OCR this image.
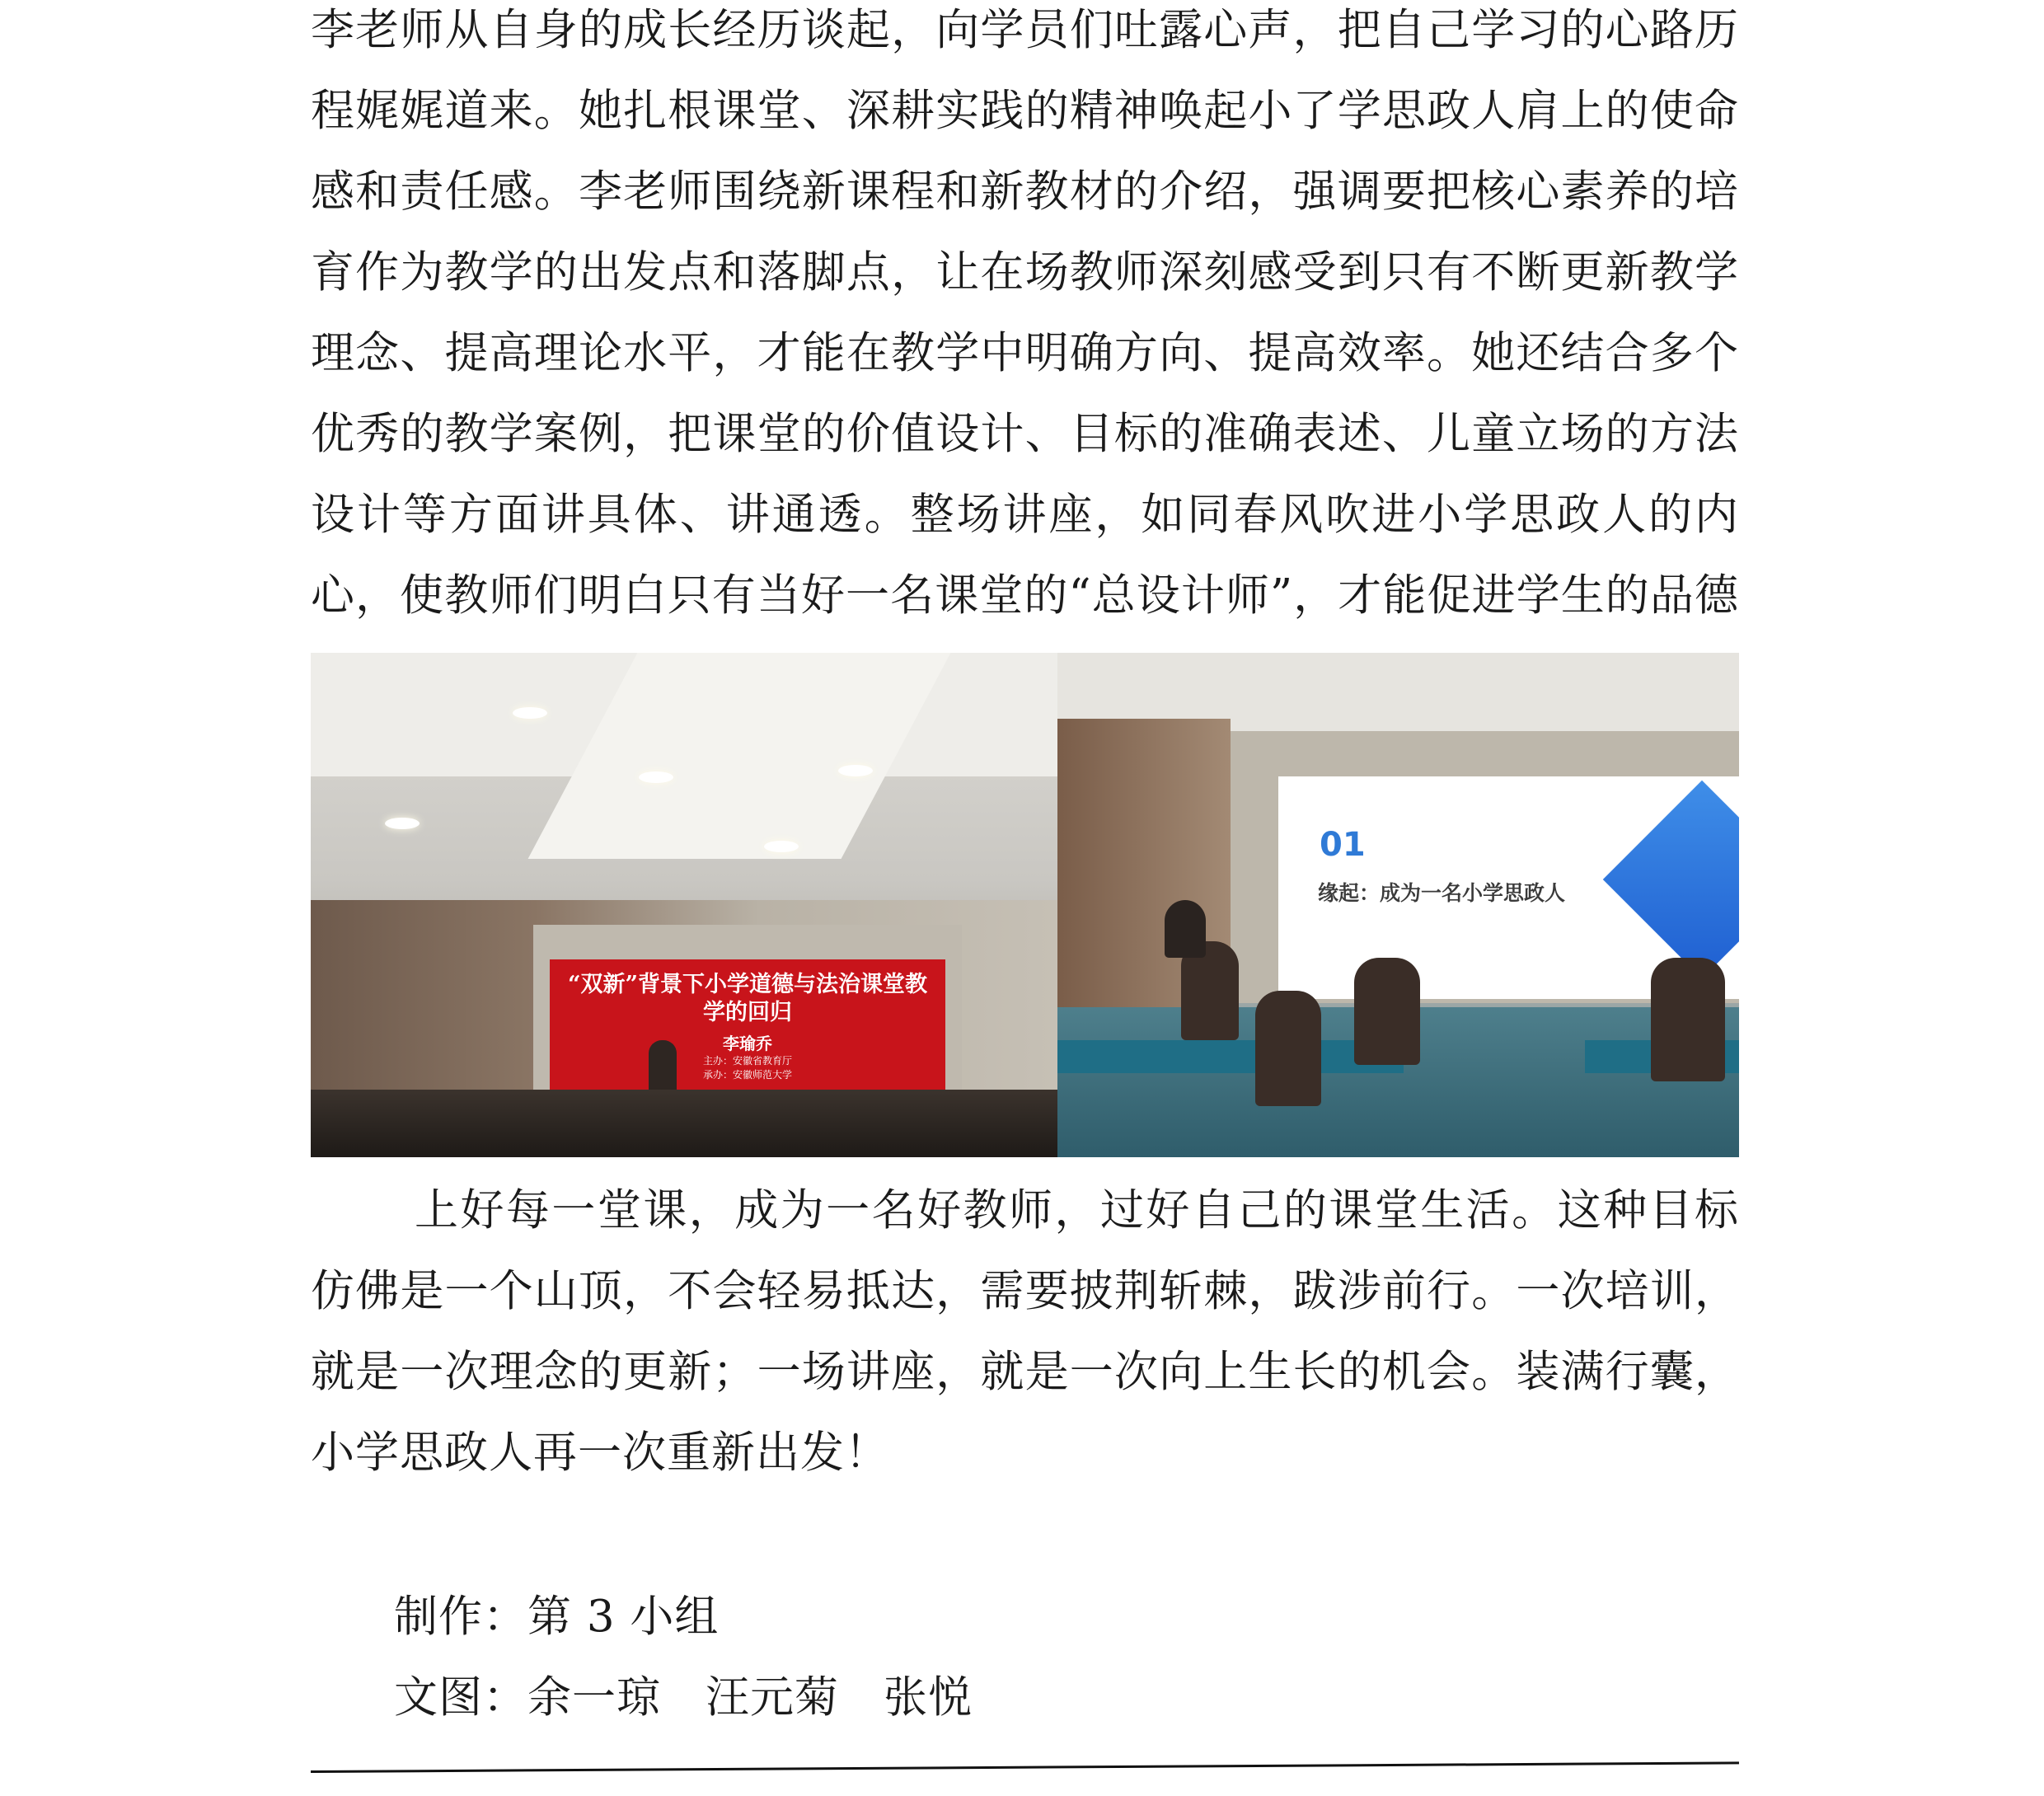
李老师从自身的成长经历谈起，向学员们吐露心声，把自己学习的心路历程娓娓道来。她扎根课堂、深耕实践的精神唤起小了学思政人肩上的使命感和责任感。李老师围绕新课程和新教材的介绍，强调要把核心素养的培育作为教学的出发点和落脚点，让在场教师深刻感受到只有不断更新教学理念、提高理论水平，才能在教学中明确方向、提高效率。她还结合多个优秀的教学案例，把课堂的价值设计、目标的准确表述、儿童立场的方法设计等方面讲具体、讲通透。整场讲座，如同春风吹进小学思政人的内心，使教师们明白只有当好一名课堂的“总设计师”，才能促进学生的品德
“双新”背景下小学道德与法治课堂教学的回归
李瑜乔
主办：安徽省教育厅
承办：安徽师范大学
01
缘起：成为一名小学思政人
上好每一堂课，成为一名好教师，过好自己的课堂生活。这种目标仿佛是一个山顶，不会轻易抵达，需要披荆斩棘，跋涉前行。一次培训，就是一次理念的更新；一场讲座，就是一次向上生长的机会。装满行囊，小学思政人再一次重新出发！
制作：第 3 小组
文图：余一琼　汪元菊　张悦
